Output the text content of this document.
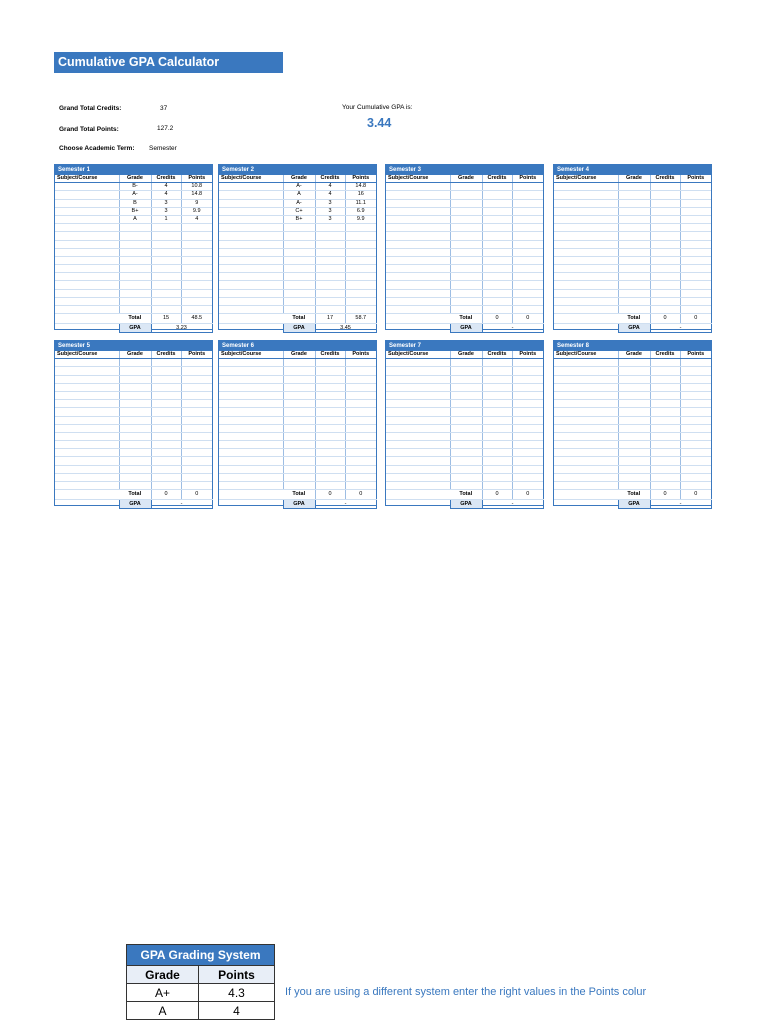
Cumulative GPA Calculator
Grand Total Credits:	37
Grand Total Points:	127.2
Choose Academic Term: Semester
Your Cumulative GPA is:
3.44
Semester 1
Subject/Course	Grade	Credits	Points
	B-	4	10.8
	A-	4	14.8
	B	3	9
	B+	3	9.9
	A	1	4

	Total	15	48.5
	GPA	3.23	
Semester 2
Subject/Course	Grade	Credits	Points
	A-	4	14.8
	A	4	16
	A-	3	11.1
	C+	3	6.9
	B+	3	9.9

	Total	17	58.7
	GPA	3.45	
Semester 3
Subject/Course	Grade	Credits	Points

	Total	0	0
	GPA	-	
Semester 4
Subject/Course	Grade	Credits	Points

	Total	0	0
	GPA	-	
Semester 5
Subject/Course	Grade	Credits	Points

	Total	0	0
	GPA	-	
Semester 6
Subject/Course	Grade	Credits	Points

	Total	0	0
	GPA	-	
Semester 7
Subject/Course	Grade	Credits	Points

	Total	0	0
	GPA	-	
Semester 8
Subject/Course	Grade	Credits	Points

	Total	0	0
	GPA	-	
GPA Grading System	
Grade	Points
A+	4.3
A	4
If you are using a different system enter the right values in the Points colur
